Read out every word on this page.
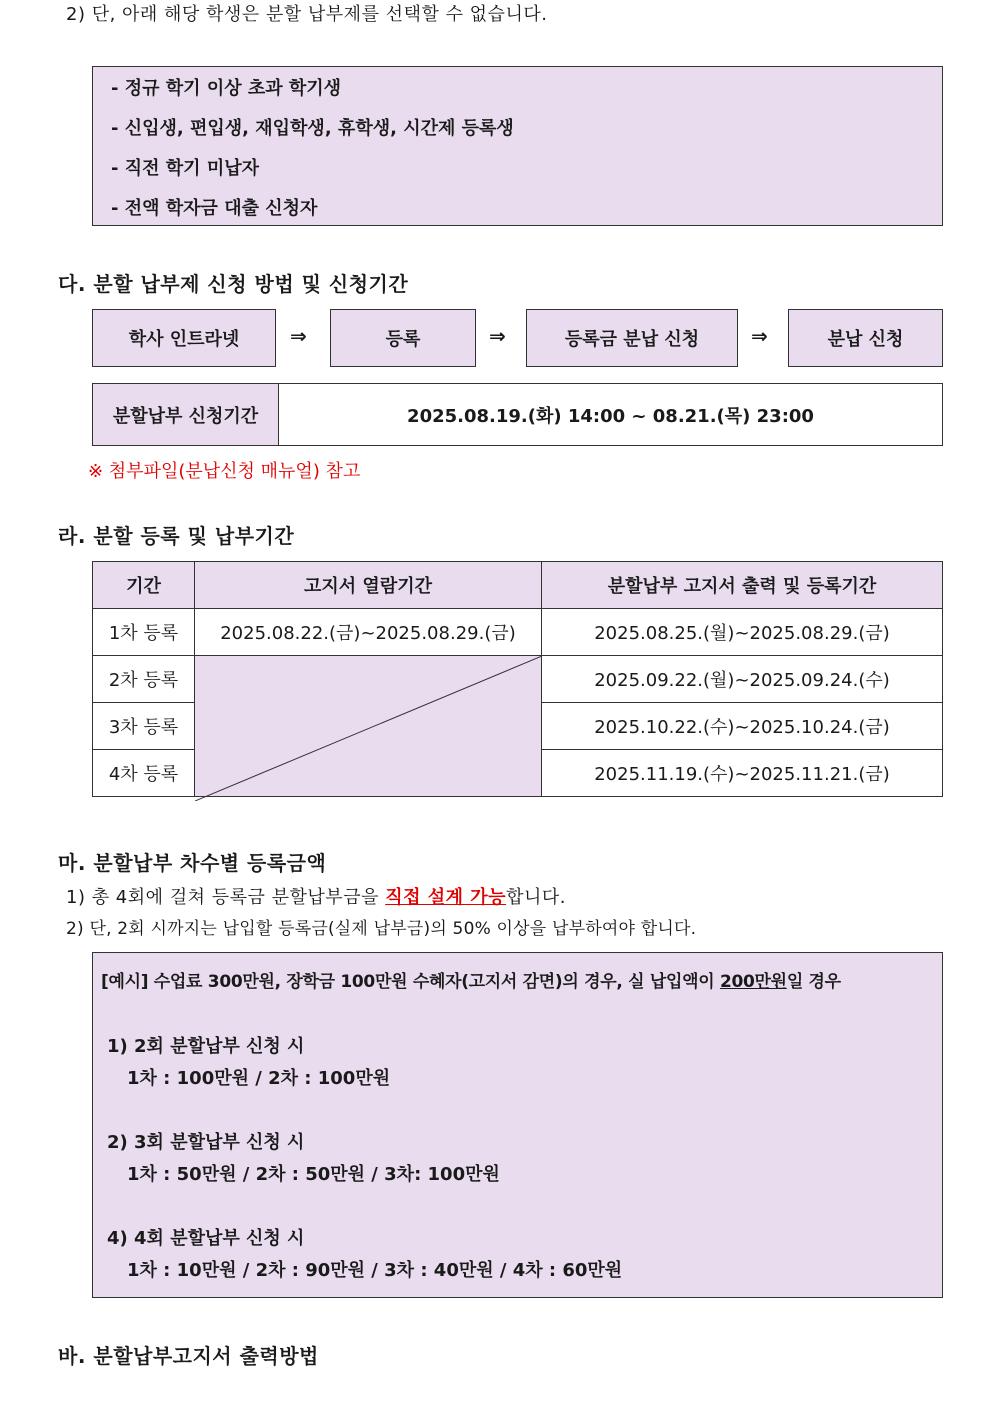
2) 단, 아래 해당 학생은 분할 납부제를 선택할 수 없습니다.
- 정규 학기 이상 초과 학기생
- 신입생, 편입생, 재입학생, 휴학생, 시간제 등록생
- 직전 학기 미납자
- 전액 학자금 대출 신청자
다. 분할 납부제 신청 방법 및 신청기간
학사 인트라넷	⇒	등록	⇒	등록금 분납 신청	⇒	분납 신청
분할납부 신청기간	2025.08.19.(화) 14:00 ~ 08.21.(목) 23:00
※ 첨부파일(분납신청 매뉴얼) 참고
라. 분할 등록 및 납부기간
기간	고지서 열람기간	분할납부 고지서 출력 및 등록기간
1차 등록	2025.08.22.(금)~2025.08.29.(금)	2025.08.25.(월)~2025.08.29.(금)
2차 등록		2025.09.22.(월)~2025.09.24.(수)
3차 등록		2025.10.22.(수)~2025.10.24.(금)
4차 등록		2025.11.19.(수)~2025.11.21.(금)
마. 분할납부 차수별 등록금액
1) 총 4회에 걸쳐 등록금 분할납부금을 직접 설계 가능합니다.
2) 단, 2회 시까지는 납입할 등록금(실제 납부금)의 50% 이상을 납부하여야 합니다.
[예시] 수업료 300만원, 장학금 100만원 수혜자(고지서 감면)의 경우, 실 납입액이 200만원일 경우
1) 2회 분할납부 신청 시
1차 : 100만원 / 2차 : 100만원
2) 3회 분할납부 신청 시
1차 : 50만원 / 2차 : 50만원 / 3차: 100만원
4) 4회 분할납부 신청 시
1차 : 10만원 / 2차 : 90만원 / 3차 : 40만원 / 4차 : 60만원
바. 분할납부고지서 출력방법
